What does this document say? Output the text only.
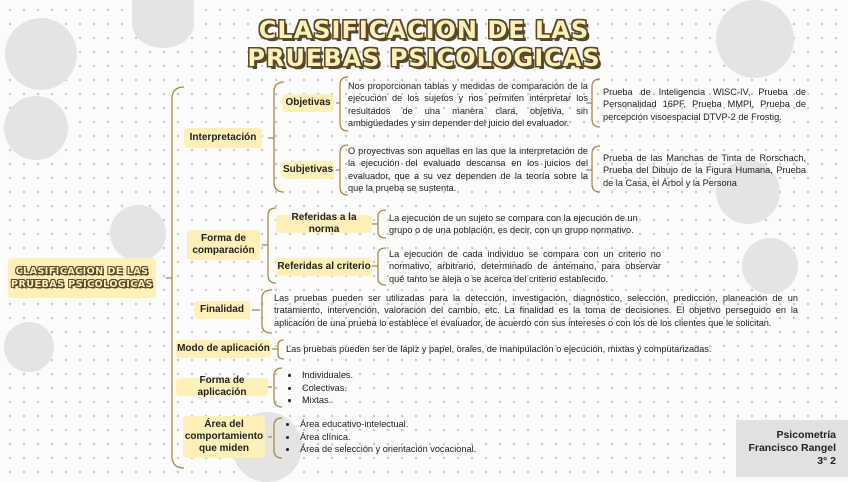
CLASIFICACION DE LAS
PRUEBAS PSICOLOGICAS
CLASIFICACION DE LAS PRUEBAS PSICOLOGICAS
Interpretación
Objetivas
Nos proporcionan tablas y medidas de comparación de la ejecución de los sujetos y nos permiten interpretar los resultados de una manera clara, objetiva, sin ambigüedades y sin depender del juicio del evaluador.
Prueba de Inteligencia WISC-IV, Prueba de Personalidad 16PF, Prueba MMPI, Prueba de percepción visoespacial DTVP-2 de Frostig.
Subjetivas
O proyectivas son aquellas en las que la interpretación de la ejecución del evaluado descansa en los juicios del evaluador, que a su vez dependen de la teoría sobre la que la prueba se sustenta.
Prueba de las Manchas de Tinta de Rorschach, Prueba del Dibujo de la Figura Humana, Prueba de la Casa, el Árbol y la Persona
Forma de comparación
Referidas a la norma
La ejecución de un sujeto se compara con la ejecución de un grupo o de una población, es decir, con un grupo normativo.
Referidas al criterio
La ejecución de cada individuo se compara con un criterio no normativo, arbitrario, determinado de antemano, para observar qué tanto se aleja o se acerca del criterio establecido.
Finalidad
Las pruebas pueden ser utilizadas para la detección, investigación, diagnóstico, selección, predicción, planeación de un tratamiento, intervención, valoración del cambio, etc. La finalidad es la toma de decisiones. El objetivo perseguido en la aplicación de una prueba lo establece el evaluador, de acuerdo con sus intereses o con los de los clientes que le solicitan.
Modo de aplicación Las pruebas pueden ser de lápiz y papel, orales, de manipulación o ejecución, mixtas y computarizadas.
Forma de aplicación
• Individuales.
• Colectivas.
• Mixtas.
Área del comportamiento que miden
• Área educativo-intelectual.
• Área clínica.
• Área de selección y orientación vocacional.
Psicometría
Francisco Rangel
3° 2
